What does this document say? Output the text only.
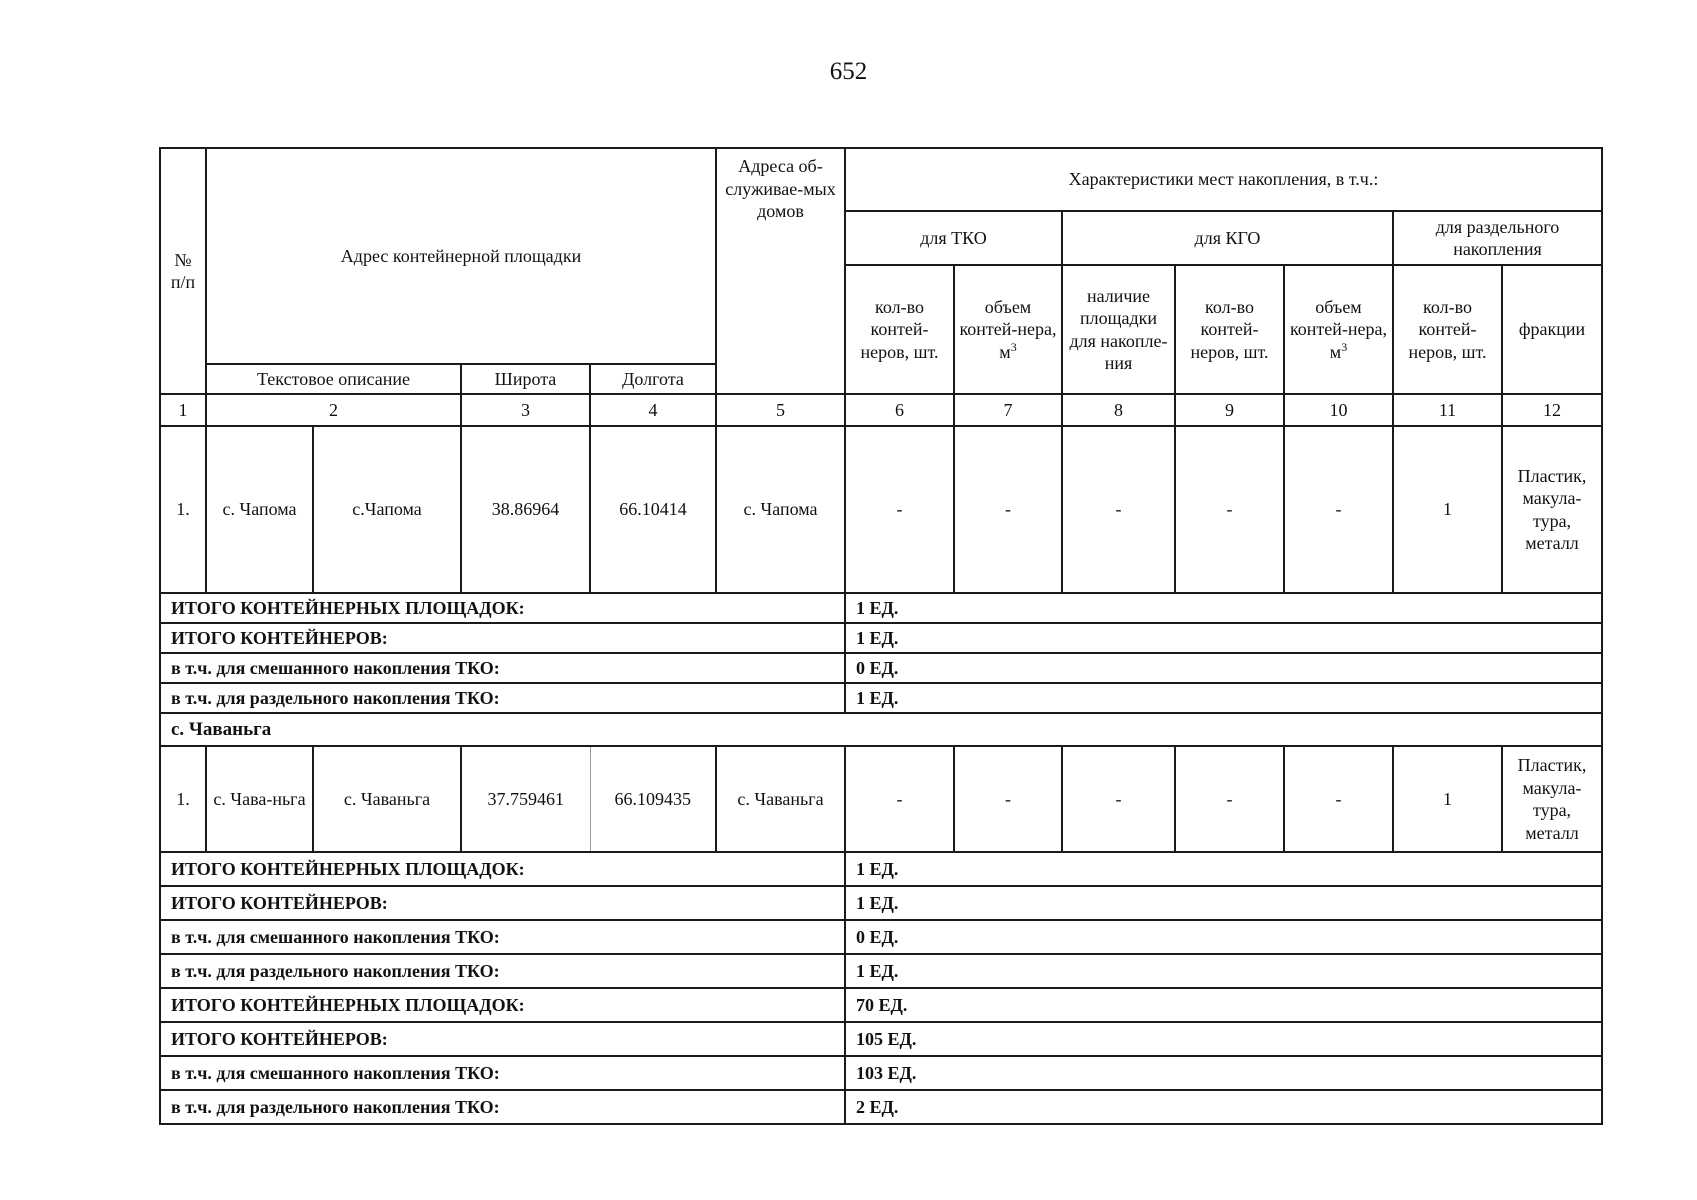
652
№ п/п	Адрес контейнерной площадки				Адреса об-служивае-мых домов	Характеристики мест накопления, в т.ч.:						
						для ТКО		для КГО			для раздельного накопления	
						кол-во контей-неров, шт.	объем контей-нера, $м^3$	наличие площадки для накопле-ния	кол-во контей-неров, шт.	объем контей-нера, $м^3$	кол-во контей-неров, шт.	фракции
	Текстовое описание		Широта	Долгота								
1	2		3	4	5	6	7	8	9	10	11	12
1.	с. Чапома	с.Чапома	38.86964	66.10414	с. Чапома	-	-	-	-	-	1	Пластик, макула-тура, металл
ИТОГО КОНТЕЙНЕРНЫХ ПЛОЩАДОК:						1 ЕД.						
ИТОГО КОНТЕЙНЕРОВ:						1 ЕД.						
в т.ч. для смешанного накопления ТКО:						0 ЕД.						
в т.ч. для раздельного накопления ТКО:						1 ЕД.						
с. Чаваньга												
1.	с. Чава-ньга	с. Чаваньга	37.759461	66.109435	с. Чаваньга	-	-	-	-	-	1	Пластик, макула-тура, металл
ИТОГО КОНТЕЙНЕРНЫХ ПЛОЩАДОК:						1 ЕД.						
ИТОГО КОНТЕЙНЕРОВ:						1 ЕД.						
в т.ч. для смешанного накопления ТКО:						0 ЕД.						
в т.ч. для раздельного накопления ТКО:						1 ЕД.						
ИТОГО КОНТЕЙНЕРНЫХ ПЛОЩАДОК:						70 ЕД.						
ИТОГО КОНТЕЙНЕРОВ:						105 ЕД.						
в т.ч. для смешанного накопления ТКО:						103 ЕД.						
в т.ч. для раздельного накопления ТКО:						2 ЕД.						
